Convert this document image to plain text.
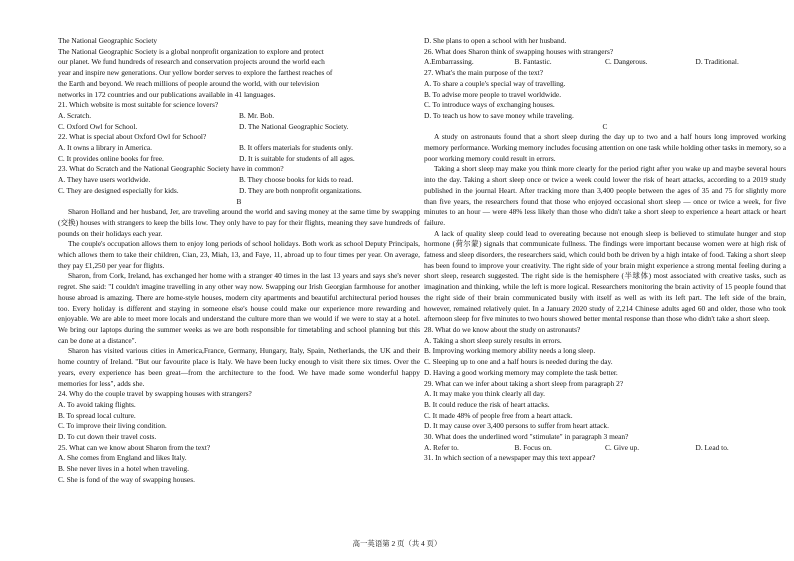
The National Geographic Society
The National Geographic Society is a global nonprofit organization to explore and protect
our planet. We fund hundreds of research and conservation projects around the world each
year and inspire new generations. Our yellow border serves to explore the farthest reaches of
the Earth and beyond. We reach millions of people around the world, with our television
networks in 172 countries and our publications available in 41 languages.
21. Which website is most suitable for science lovers?
A. Scratch.	B. Mr. Bob.
C. Oxford Owl for School.	D. The National Geographic Society.
22. What is special about Oxford Owl for School?
A. It owns a library in America.	B. It offers materials for students only.
C. It provides online books for free.	D. It is suitable for students of all ages.
23. What do Scratch and the National Geographic Society have in common?
A. They have users worldwide.	B. They choose books for kids to read.
C. They are designed especially for kids.	D. They are both nonprofit organizations.
B

Sharon Holland and her husband, Jer, are traveling around the world and saving money at the same time by swapping (交换) houses with strangers to keep the bills low. They only have to pay for their flights, meaning they save hundreds of pounds on their holidays each year.

The couple's occupation allows them to enjoy long periods of school holidays. Both work as school Deputy Principals, which allows them to take their children, Cian, 23, Miah, 13, and Faye, 11, abroad up to four times per year. On average, they pay £1,250 per year for flights.

Sharon, from Cork, Ireland, has exchanged her home with a stranger 40 times in the last 13 years and says she's never regret. She said: "I couldn't imagine travelling in any other way now. Swapping our Irish Georgian farmhouse for another house abroad is amazing. There are home-style houses, modern city apartments and beautiful architectural period houses too. Every holiday is different and staying in someone else's house could make our experience more rewarding and enjoyable. We are able to meet more locals and understand the culture more than we would if we were to stay at a hotel. We bring our laptops during the summer weeks as we are both responsible for timetabling and school planning but this can be done at a distance".

Sharon has visited various cities in America,France, Germany, Hungary, Italy, Spain, Netherlands, the UK and their home country of Ireland. "But our favourite place is Italy. We have been lucky enough to visit there six times. Over the years, every experience has been great—from the architecture to the food. We have made some wonderful happy memories for less", adds she.

24. Why do the couple travel by swapping houses with strangers?
A. To avoid taking flights.
B. To spread local culture.
C. To improve their living condition.
D. To cut down their travel costs.
25. What can we know about Sharon from the text?
A. She comes from England and likes Italy.
B. She never lives in a hotel when traveling.
C. She is fond of the way of swapping houses.
D. She plans to open a school with her husband.
26. What does Sharon think of swapping houses with strangers?
A.Embarrassing.	B. Fantastic.	C. Dangerous.	D. Traditional.
27. What's the main purpose of the text?
A. To share a couple's special way of travelling.
B. To advise more people to travel worldwide.
C. To introduce ways of exchanging houses.
D. To teach us how to save money while traveling.
C

A study on astronauts found that a short sleep during the day up to two and a half hours long improved working memory performance. Working memory includes focusing attention on one task while holding other tasks in memory, so a poor working memory could result in errors.

Taking a short sleep may make you think more clearly for the period right after you wake up and maybe several hours into the day. Taking a short sleep once or twice a week could lower the risk of heart attacks, according to a 2019 study published in the journal Heart. After tracking more than 3,400 people between the ages of 35 and 75 for slightly more than five years, the researchers found that those who enjoyed occasional short sleep — once or twice a week, for five minutes to an hour — were 48% less likely than those who didn't take a short sleep to experience a heart attack or heart failure.

A lack of quality sleep could lead to overeating because not enough sleep is believed to stimulate hunger and stop hormone (荷尔蒙) signals that communicate fullness. The findings were important because women were at high risk of fatness and sleep disorders, the researchers said, which could both be driven by a high intake of food. Taking a short sleep has been found to improve your creativity. The right side of your brain might experience a strong mental feeling during a short sleep, research suggested. The right side is the hemisphere (半球体) most associated with creative tasks, such as imagination and thinking, while the left is more logical. Researchers monitoring the brain activity of 15 people found that the right side of their brain communicated busily with itself as well as with its left part. The left side of the brain, however, remained relatively quiet. In a January 2020 study of 2,214 Chinese adults aged 60 and older, those who took afternoon sleep for five minutes to two hours showed better mental response than those who didn't take a short sleep.

28. What do we know about the study on astronauts?
A. Taking a short sleep surely results in errors.
B. Improving working memory ability needs a long sleep.
C. Sleeping up to one and a half hours is needed during the day.
D. Having a good working memory may complete the task better.
29. What can we infer about taking a short sleep from paragraph 2?
A. It may make you think clearly all day.
B. It could reduce the risk of heart attacks.
C. It made 48% of people free from a heart attack.
D. It may cause over 3,400 persons to suffer from heart attack.
30. What does the underlined word "stimulate" in paragraph 3 mean?
A. Refer to.	B. Focus on.	C. Give up.	D. Lead to.
31. In which section of a newspaper may this text appear?
高一英语第 2 页（共 4 页）
